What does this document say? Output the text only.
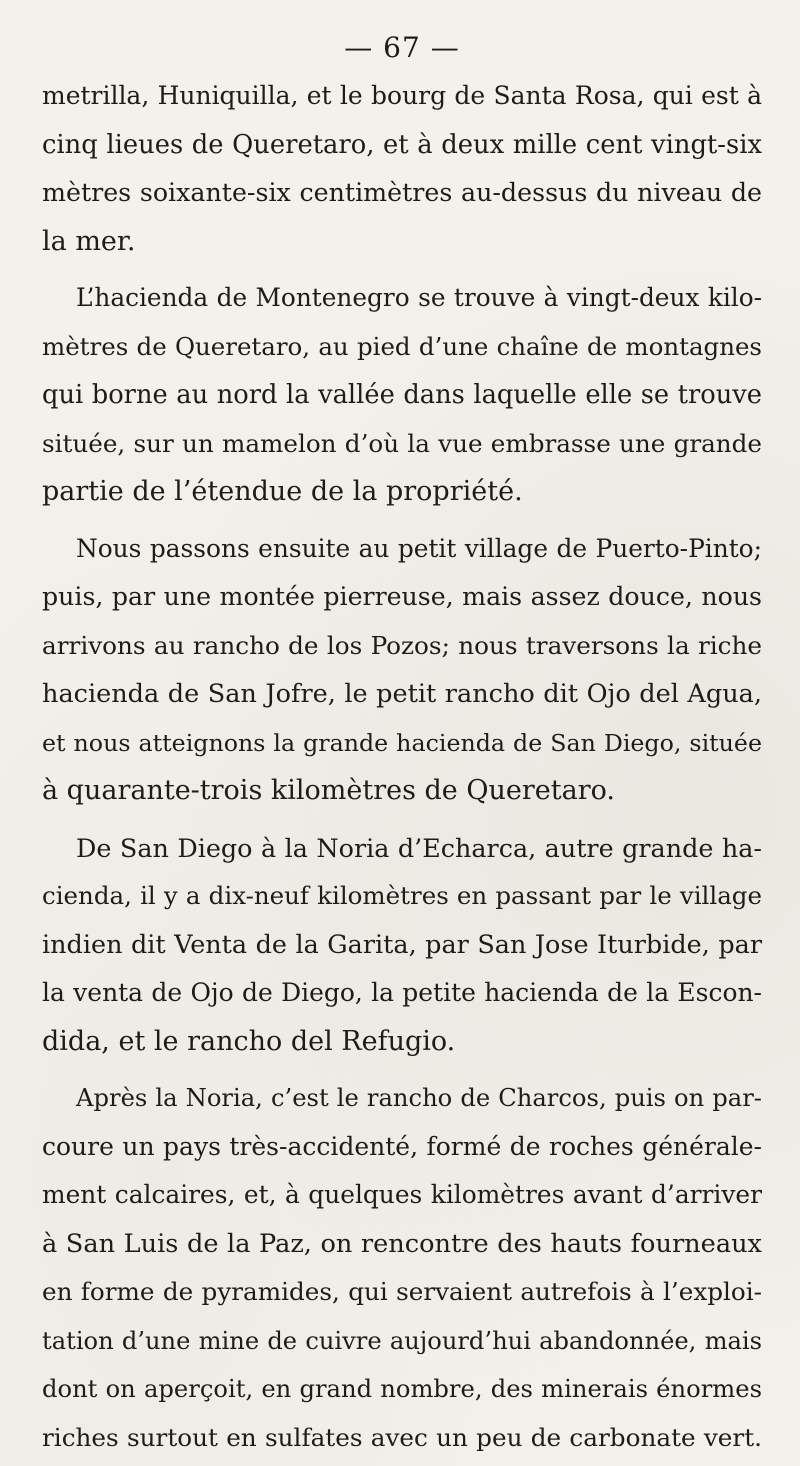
— 67 —
metrilla, Huniquilla, et le bourg de Santa Rosa, qui est à
cinq lieues de Queretaro, et à deux mille cent vingt-six
mètres soixante-six centimètres au-dessus du niveau de
la mer.
L’hacienda de Montenegro se trouve à vingt-deux kilo-
mètres de Queretaro, au pied d’une chaîne de montagnes
qui borne au nord la vallée dans laquelle elle se trouve
située, sur un mamelon d’où la vue embrasse une grande
partie de l’étendue de la propriété.
Nous passons ensuite au petit village de Puerto-Pinto;
puis, par une montée pierreuse, mais assez douce, nous
arrivons au rancho de los Pozos; nous traversons la riche
hacienda de San Jofre, le petit rancho dit Ojo del Agua,
et nous atteignons la grande hacienda de San Diego, située
à quarante-trois kilomètres de Queretaro.
De San Diego à la Noria d’Echarca, autre grande ha-
cienda, il y a dix-neuf kilomètres en passant par le village
indien dit Venta de la Garita, par San Jose Iturbide, par
la venta de Ojo de Diego, la petite hacienda de la Escon-
dida, et le rancho del Refugio.
Après la Noria, c’est le rancho de Charcos, puis on par-
coure un pays très-accidenté, formé de roches générale-
ment calcaires, et, à quelques kilomètres avant d’arriver
à San Luis de la Paz, on rencontre des hauts fourneaux
en forme de pyramides, qui servaient autrefois à l’exploi-
tation d’une mine de cuivre aujourd’hui abandonnée, mais
dont on aperçoit, en grand nombre, des minerais énormes
riches surtout en sulfates avec un peu de carbonate vert.
